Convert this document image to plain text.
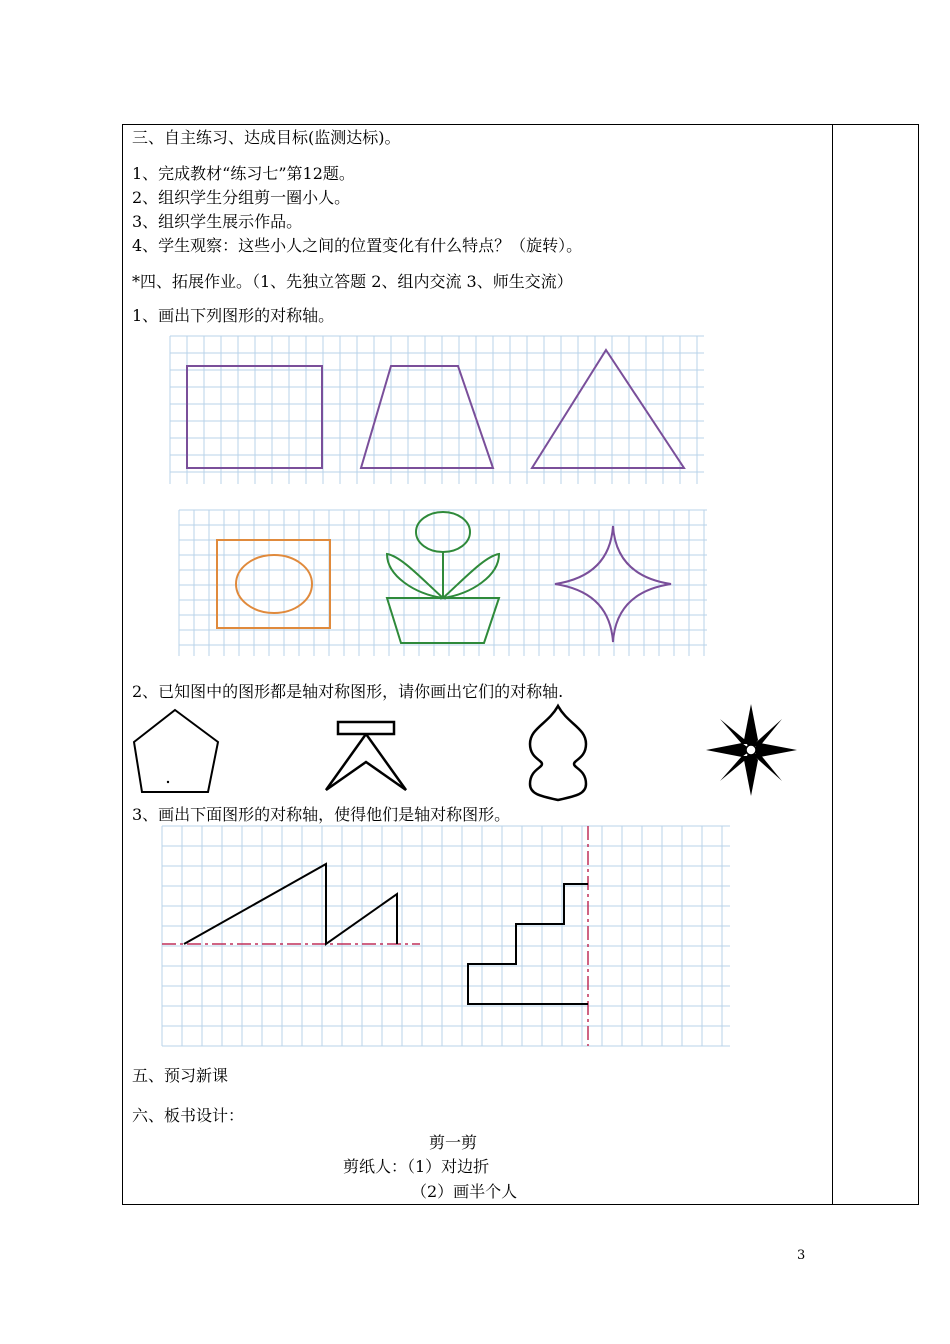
三、自主练习、达成目标(监测达标)。
1、完成教材“练习七”第12题。
2、组织学生分组剪一圈小人。
3、组织学生展示作品。
4、学生观察：这些小人之间的位置变化有什么特点？（旋转）。
*四、拓展作业。（1、先独立答题 2、组内交流 3、师生交流）
1、画出下列图形的对称轴。
2、已知图中的图形都是轴对称图形，请你画出它们的对称轴.
3、画出下面图形的对称轴，使得他们是轴对称图形。
五、预习新课
六、板书设计：
剪一剪
剪纸人：（1）对边折
（2）画半个人
3
